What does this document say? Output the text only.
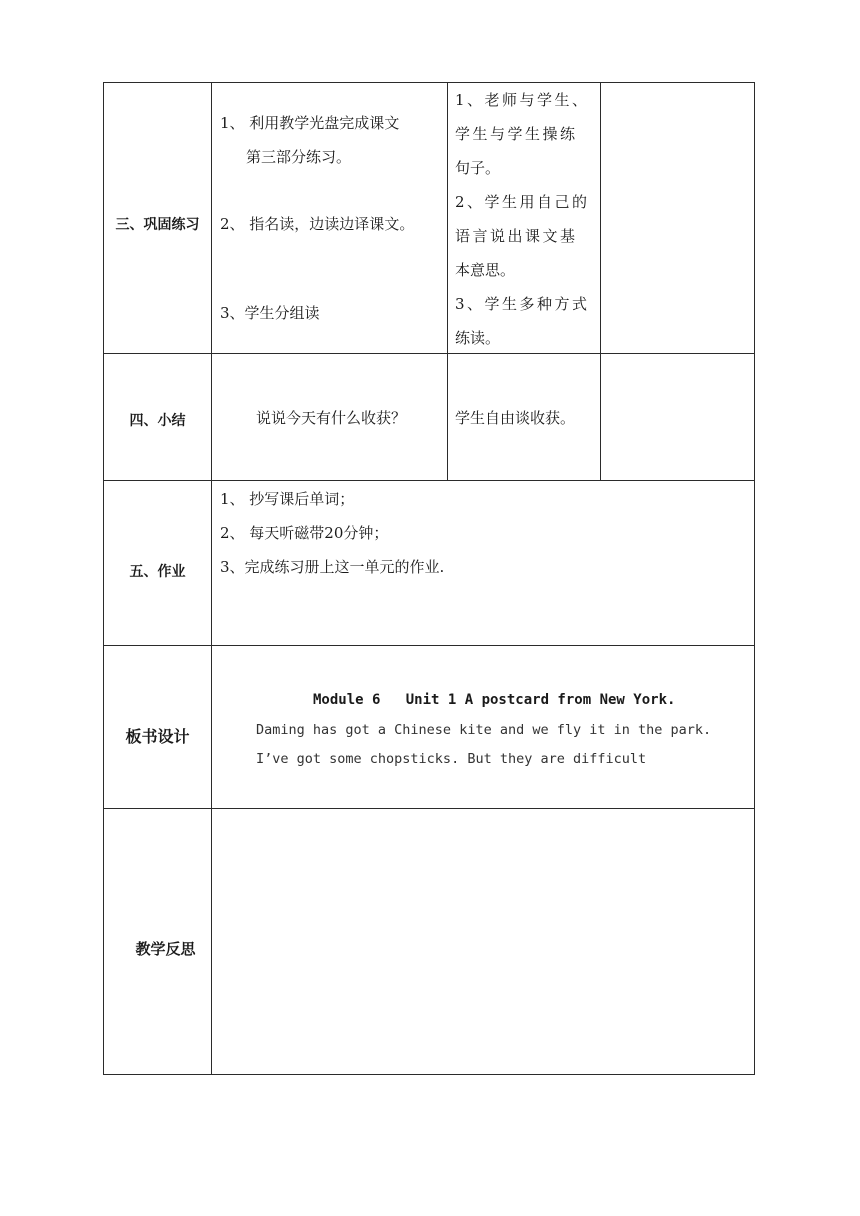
三、巩固练习
1、 利用教学光盘完成课文
第三部分练习。
2、 指名读，边读边译课文。
3、学生分组读
1、老师与学生、
学生与学生操练
句子。
2、学生用自己的
语言说出课文基
本意思。
3、学生多种方式
练读。
四、小结	说说今天有什么收获？	学生自由谈收获。
五、作业
1、 抄写课后单词；
2、 每天听磁带20分钟；
3、完成练习册上这一单元的作业.
板书设计
Module 6   Unit 1 A postcard from New York.
Daming has got a Chinese kite and we fly it in the park.
I’ve got some chopsticks. But they are difficult
教学反思
